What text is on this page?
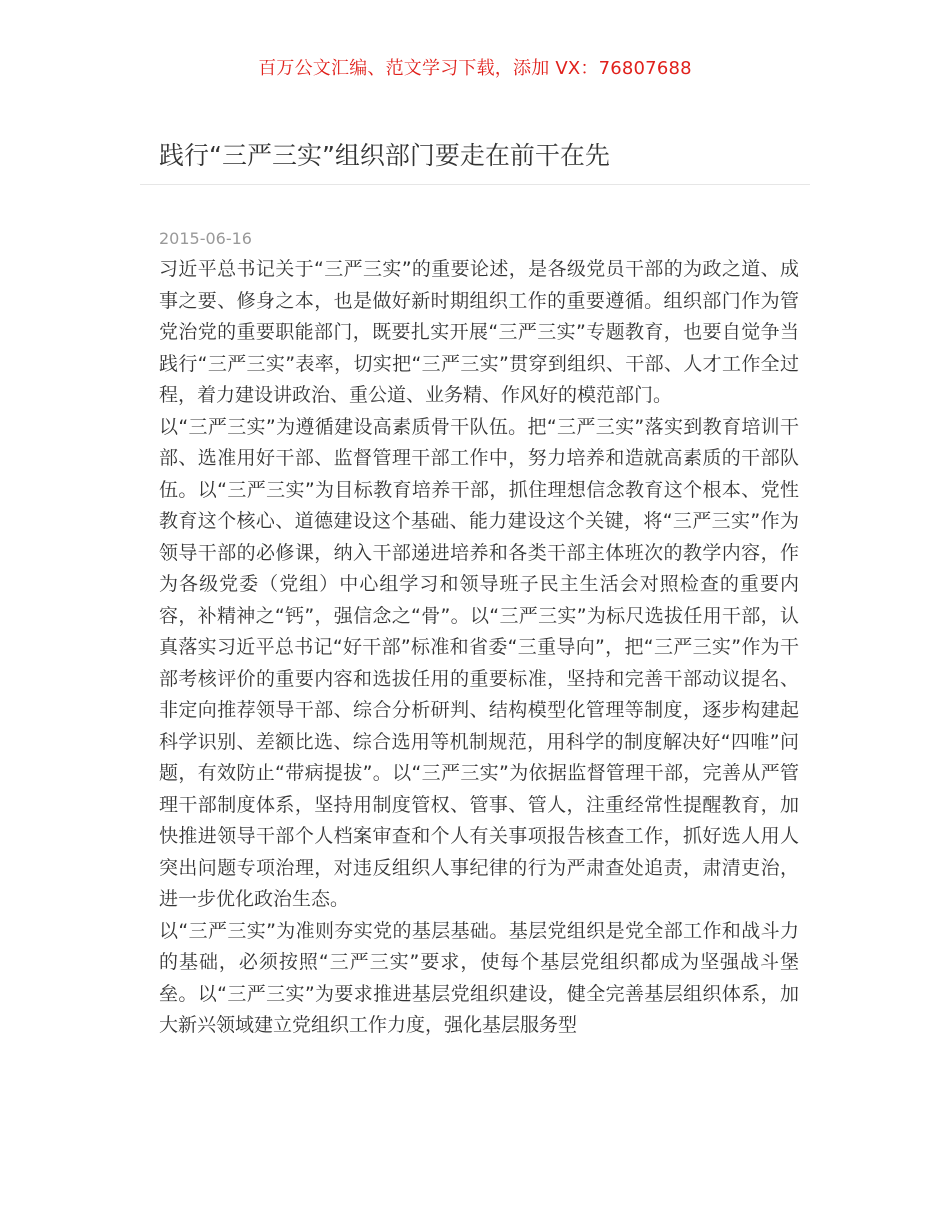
百万公文汇编、范文学习下载，添加 VX：76807688
践行“三严三实”组织部门要走在前干在先
2015-06-16

习近平总书记关于“三严三实”的重要论述，是各级党员干部的为政之道、成事之要、修身之本，也是做好新时期组织工作的重要遵循。组织部门作为管党治党的重要职能部门，既要扎实开展“三严三实”专题教育，也要自觉争当践行“三严三实”表率，切实把“三严三实”贯穿到组织、干部、人才工作全过程，着力建设讲政治、重公道、业务精、作风好的模范部门。

以“三严三实”为遵循建设高素质骨干队伍。把“三严三实”落实到教育培训干部、选准用好干部、监督管理干部工作中，努力培养和造就高素质的干部队伍。以“三严三实”为目标教育培养干部，抓住理想信念教育这个根本、党性教育这个核心、道德建设这个基础、能力建设这个关键，将“三严三实”作为领导干部的必修课，纳入干部递进培养和各类干部主体班次的教学内容，作为各级党委（党组）中心组学习和领导班子民主生活会对照检查的重要内容，补精神之“钙”，强信念之“骨”。以“三严三实”为标尺选拔任用干部，认真落实习近平总书记“好干部”标准和省委“三重导向”，把“三严三实”作为干部考核评价的重要内容和选拔任用的重要标准，坚持和完善干部动议提名、非定向推荐领导干部、综合分析研判、结构模型化管理等制度，逐步构建起科学识别、差额比选、综合选用等机制规范，用科学的制度解决好“四唯”问题，有效防止“带病提拔”。以“三严三实”为依据监督管理干部，完善从严管理干部制度体系，坚持用制度管权、管事、管人，注重经常性提醒教育，加快推进领导干部个人档案审查和个人有关事项报告核查工作，抓好选人用人突出问题专项治理，对违反组织人事纪律的行为严肃查处追责，肃清吏治，进一步优化政治生态。

以“三严三实”为准则夯实党的基层基础。基层党组织是党全部工作和战斗力的基础，必须按照“三严三实”要求，使每个基层党组织都成为坚强战斗堡垒。以“三严三实”为要求推进基层党组织建设，健全完善基层组织体系，加大新兴领域建立党组织工作力度，强化基层服务型
